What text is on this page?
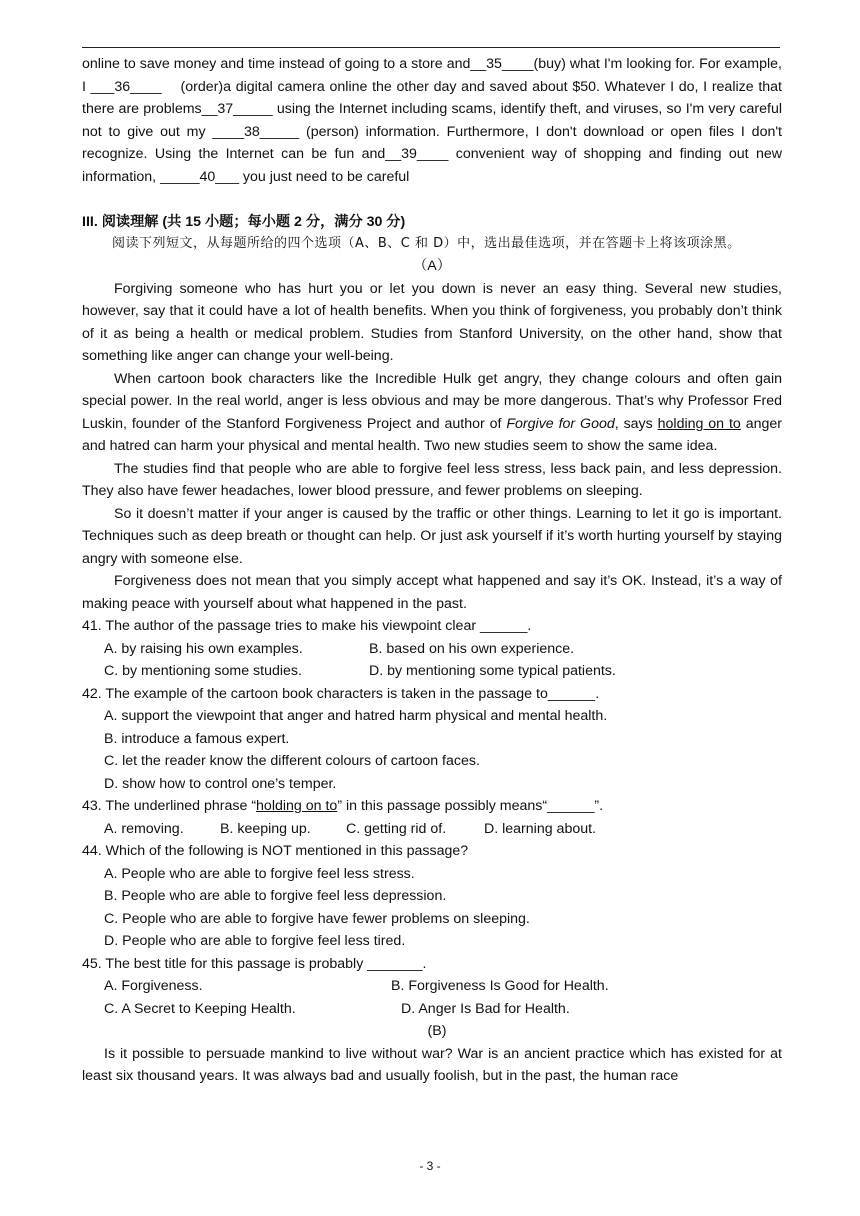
online to save money and time instead of going to a store and__35____(buy) what I'm looking for. For example, I ___36____    (order)a digital camera online the other day and saved about $50. Whatever I do, I realize that there are problems__37_____ using the Internet including scams, identify theft, and viruses, so I'm very careful not to give out my ____38_____ (person) information. Furthermore, I don't download or open files I don't recognize. Using the Internet can be fun and__39____ convenient way of shopping and finding out new information, _____40___ you just need to be careful

III. 阅读理解 (共 15 小题；每小题 2 分，满分 30 分)

阅读下列短文，从每题所给的四个选项（A、B、C 和 D）中，选出最佳选项，并在答题卡上将该项涂黑。

（A）

Forgiving someone who has hurt you or let you down is never an easy thing. Several new studies, however, say that it could have a lot of health benefits. When you think of forgiveness, you probably don’t think of it as being a health or medical problem. Studies from Stanford University, on the other hand, show that something like anger can change your well-being.

When cartoon book characters like the Incredible Hulk get angry, they change colours and often gain special power. In the real world, anger is less obvious and may be more dangerous. That’s why Professor Fred Luskin, founder of the Stanford Forgiveness Project and author of Forgive for Good, says holding on to anger and hatred can harm your physical and mental health. Two new studies seem to show the same idea.

The studies find that people who are able to forgive feel less stress, less back pain, and less depression. They also have fewer headaches, lower blood pressure, and fewer problems on sleeping.

So it doesn’t matter if your anger is caused by the traffic or other things. Learning to let it go is important. Techniques such as deep breath or thought can help. Or just ask yourself if it’s worth hurting yourself by staying angry with someone else.

Forgiveness does not mean that you simply accept what happened and say it’s OK. Instead, it’s a way of making peace with yourself about what happened in the past.

41. The author of the passage tries to make his viewpoint clear ______.

A. by raising his own examples.	B. based on his own experience.
C. by mentioning some studies.	D. by mentioning some typical patients.

42. The example of the cartoon book characters is taken in the passage to______.

A. support the viewpoint that anger and hatred harm physical and mental health.

B. introduce a famous expert.

C. let the reader know the different colours of cartoon faces.

D. show how to control one’s temper.

43. The underlined phrase “holding on to” in this passage possibly means“______”.

A. removing.	B. keeping up.	C. getting rid of.	D. learning about.

44. Which of the following is NOT mentioned in this passage?

A. People who are able to forgive feel less stress.

B. People who are able to forgive feel less depression.

C. People who are able to forgive have fewer problems on sleeping.

D. People who are able to forgive feel less tired.

45. The best title for this passage is probably _______.

A. Forgiveness.	B. Forgiveness Is Good for Health.
C. A Secret to Keeping Health.	D. Anger Is Bad for Health.

(B)

Is it possible to persuade mankind to live without war? War is an ancient practice which has existed for at least six thousand years. It was always bad and usually foolish, but in the past, the human race

- 3 -
